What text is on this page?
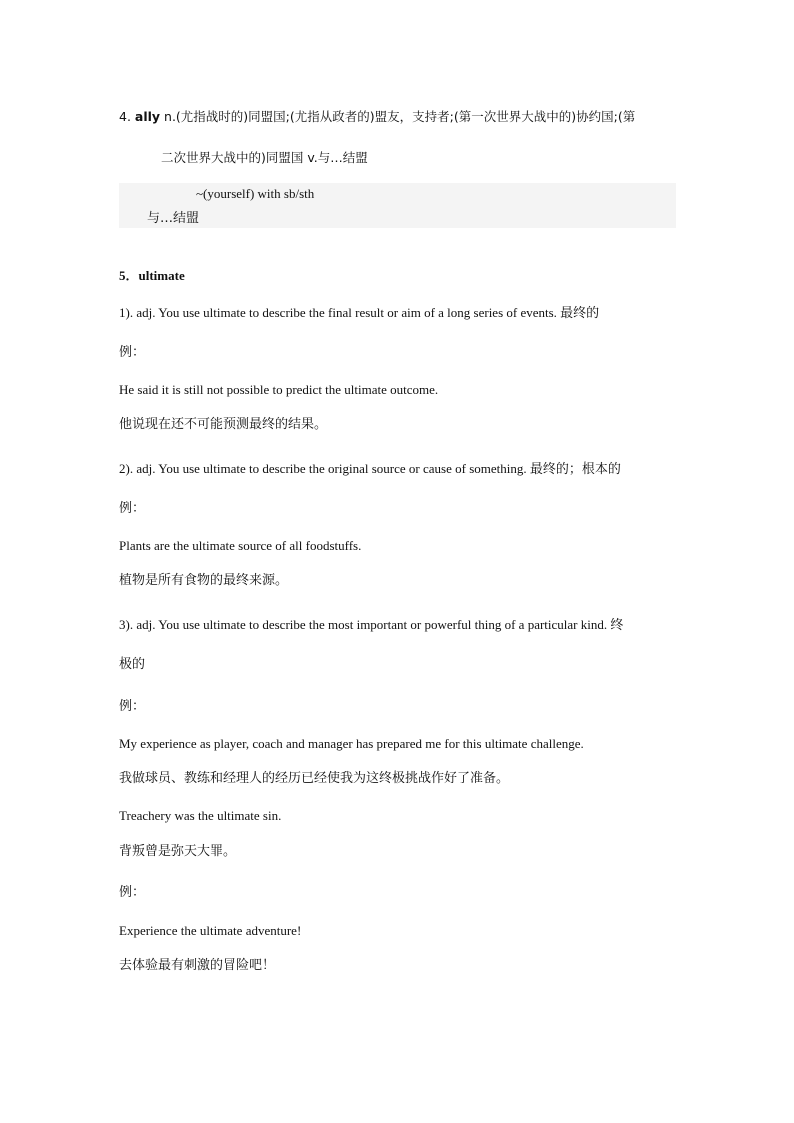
4. ally n.(尤指战时的)同盟国;(尤指从政者的)盟友，支持者;(第一次世界大战中的)协约国;(第
二次世界大战中的)同盟国 v.与…结盟
~(yourself) with sb/sth
与…结盟
5．ultimate
1). adj. You use ultimate to describe the final result or aim of a long series of events. 最终的
例：
He said it is still not possible to predict the ultimate outcome.
他说现在还不可能预测最终的结果。
2). adj. You use ultimate to describe the original source or cause of something. 最终的；根本的
例：
Plants are the ultimate source of all foodstuffs.
植物是所有食物的最终来源。
3). adj. You use ultimate to describe the most important or powerful thing of a particular kind. 终
极的
例：
My experience as player, coach and manager has prepared me for this ultimate challenge.
我做球员、教练和经理人的经历已经使我为这终极挑战作好了准备。
Treachery was the ultimate sin.
背叛曾是弥天大罪。
例：
Experience the ultimate adventure!
去体验最有刺激的冒险吧！
